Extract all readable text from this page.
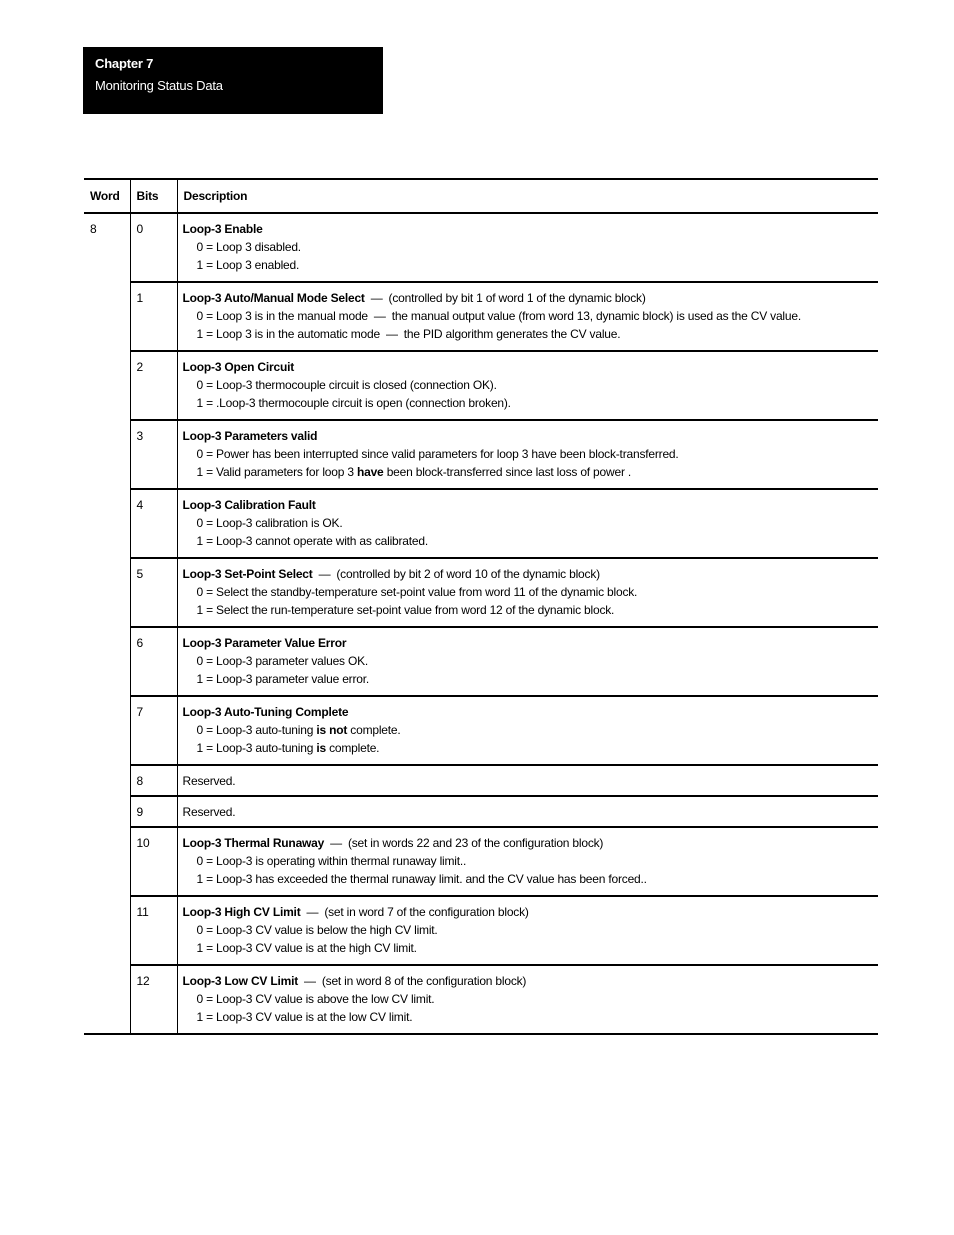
Chapter 7
Monitoring Status Data
Word	Bits	Description
8	0	Loop-3 Enable
0 = Loop 3 disabled.
1 = Loop 3 enabled.

	1	Loop-3 Auto/Manual Mode Select — (controlled by bit 1 of word 1 of the dynamic block)
0 = Loop 3 is in the manual mode — the manual output value (from word 13, dynamic block) is used as the CV value.
1 = Loop 3 is in the automatic mode — the PID algorithm generates the CV value.

	2	Loop-3 Open Circuit
0 = Loop-3 thermocouple circuit is closed (connection OK).
1 = .Loop-3 thermocouple circuit is open (connection broken).

	3	Loop-3 Parameters valid
0 = Power has been interrupted since valid parameters for loop 3 have been block-transferred.
1 = Valid parameters for loop 3 have been block-transferred since last loss of power .

	4	Loop-3 Calibration Fault
0 = Loop-3 calibration is OK.
1 = Loop-3 cannot operate with as calibrated.

	5	Loop-3 Set-Point Select — (controlled by bit 2 of word 10 of the dynamic block)
0 = Select the standby-temperature set-point value from word 11 of the dynamic block.
1 = Select the run-temperature set-point value from word 12 of the dynamic block.

	6	Loop-3 Parameter Value Error
0 = Loop-3 parameter values OK.
1 = Loop-3 parameter value error.

	7	Loop-3 Auto-Tuning Complete
0 = Loop-3 auto-tuning is not complete.
1 = Loop-3 auto-tuning is complete.

	8	Reserved.
	9	Reserved.
	10	Loop-3 Thermal Runaway — (set in words 22 and 23 of the configuration block)
0 = Loop-3 is operating within thermal runaway limit..
1 = Loop-3 has exceeded the thermal runaway limit. and the CV value has been forced..

	11	Loop-3 High CV Limit — (set in word 7 of the configuration block)
0 = Loop-3 CV value is below the high CV limit.
1 = Loop-3 CV value is at the high CV limit.

	12	Loop-3 Low CV Limit — (set in word 8 of the configuration block)
0 = Loop-3 CV value is above the low CV limit.
1 = Loop-3 CV value is at the low CV limit.
